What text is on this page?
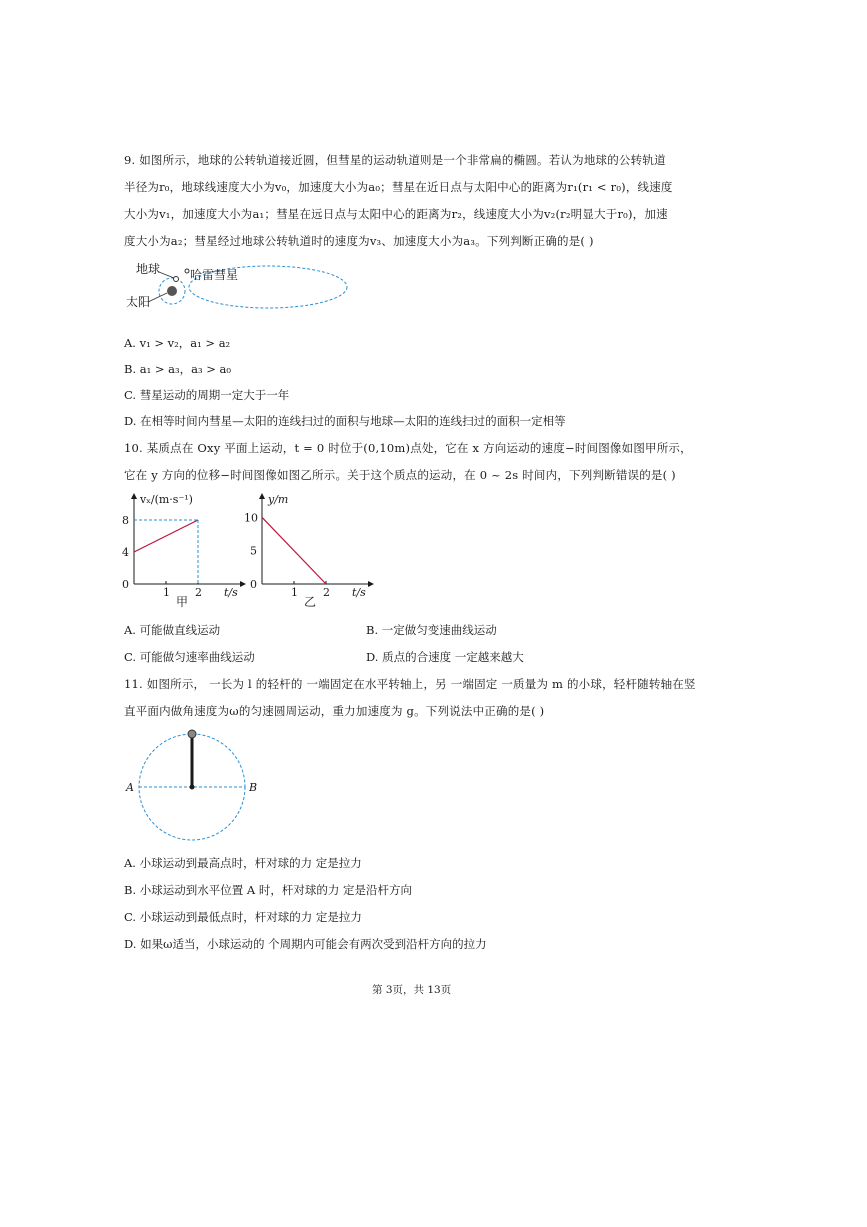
9. 如图所示，地球的公转轨道接近圆，但彗星的运动轨道则是一个非常扁的椭圆。若认为地球的公转轨道
半径为r₀，地球线速度大小为v₀，加速度大小为a₀；彗星在近日点与太阳中心的距离为r₁(r₁ < r₀)，线速度
大小为v₁，加速度大小为a₁；彗星在远日点与太阳中心的距离为r₂，线速度大小为v₂(r₂明显大于r₀)，加速
度大小为a₂；彗星经过地球公转轨道时的速度为v₃、加速度大小为a₃。下列判断正确的是( )
地球 哈雷彗星
太阳
A. v₁ > v₂，a₁ > a₂
B. a₁ > a₃，a₃ > a₀
C. 彗星运动的周期一定大于一年
D. 在相等时间内彗星—太阳的连线扫过的面积与地球—太阳的连线扫过的面积一定相等
10. 某质点在 Oxy 平面上运动，t = 0 时位于(0,10m)点处，它在 x 方向运动的速度−时间图像如图甲所示，
它在 y 方向的位移−时间图像如图乙所示。关于这个质点的运动，在 0 ~ 2s 时间内，下列判断错误的是( )
vₓ/(m·s⁻¹)
t/s
甲
1 2
0
4
8
y/m
t/s
乙
1 2
0
5
10
A. 可能做直线运动	B. 一定做匀变速曲线运动
C. 可能做匀速率曲线运动	D. 质点的合速度 一定越来越大
11. 如图所示， 一长为 l 的轻杆的 一端固定在水平转轴上，另 一端固定 一质量为 m 的小球，轻杆随转轴在竖
直平面内做角速度为ω的匀速圆周运动，重力加速度为 g。下列说法中正确的是( )
A	B
A. 小球运动到最高点时，杆对球的力 定是拉力
B. 小球运动到水平位置 A 时，杆对球的力 定是沿杆方向
C. 小球运动到最低点时，杆对球的力 定是拉力
D. 如果ω适当，小球运动的 个周期内可能会有两次受到沿杆方向的拉力
第 3页，共 13页
